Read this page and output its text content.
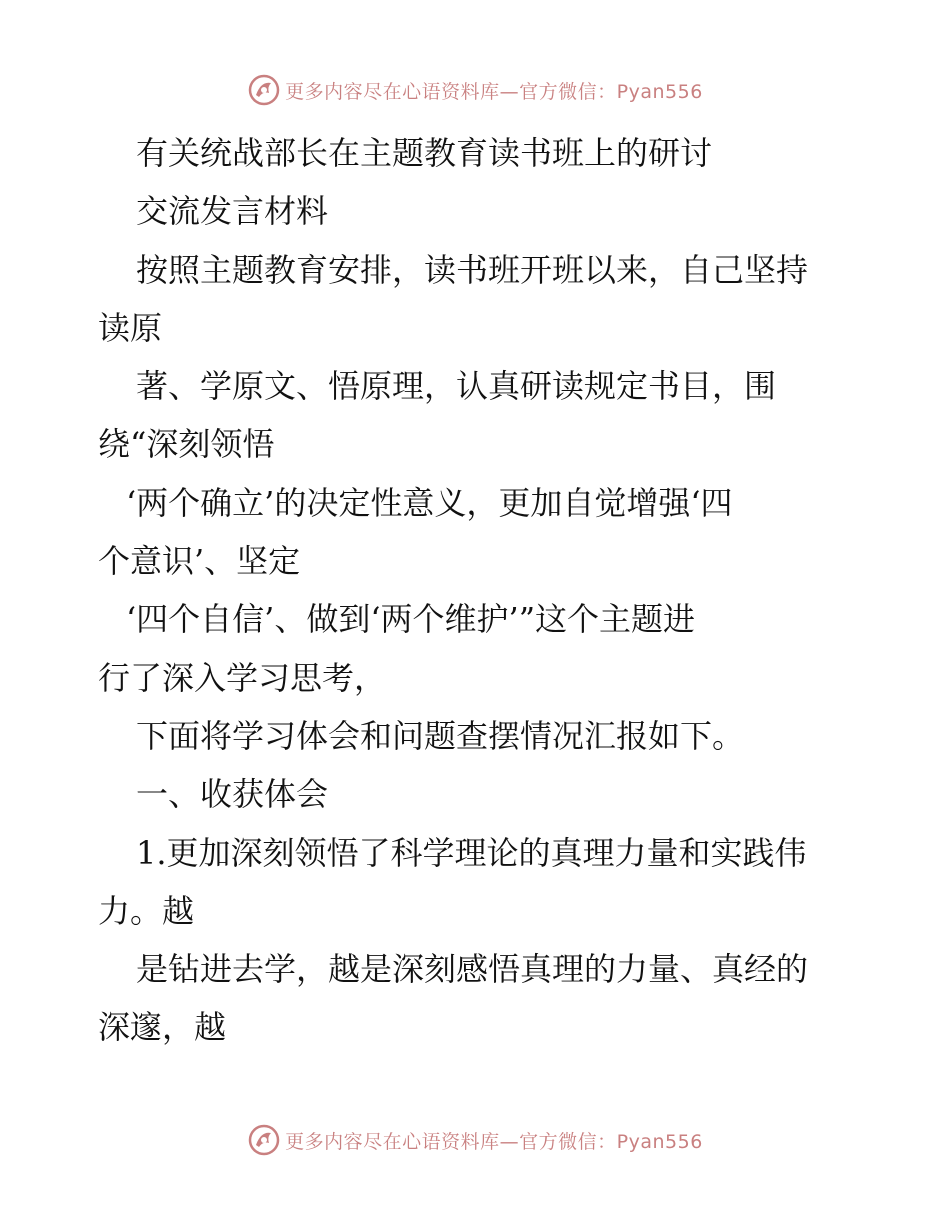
更多内容尽在心语资料库—官方微信：Pyan556
有关统战部长在主题教育读书班上的研讨
交流发言材料
按照主题教育安排，读书班开班以来，自己坚持
读原
著、学原文、悟原理，认真研读规定书目，围
绕“深刻领悟
‘两个确立’的决定性意义，更加自觉增强‘四
个意识’、坚定
‘四个自信’、做到‘两个维护’”这个主题进
行了深入学习思考，
下面将学习体会和问题查摆情况汇报如下。
一、收获体会
1.更加深刻领悟了科学理论的真理力量和实践伟
力。越
是钻进去学，越是深刻感悟真理的力量、真经的
深邃，越
更多内容尽在心语资料库—官方微信：Pyan556
